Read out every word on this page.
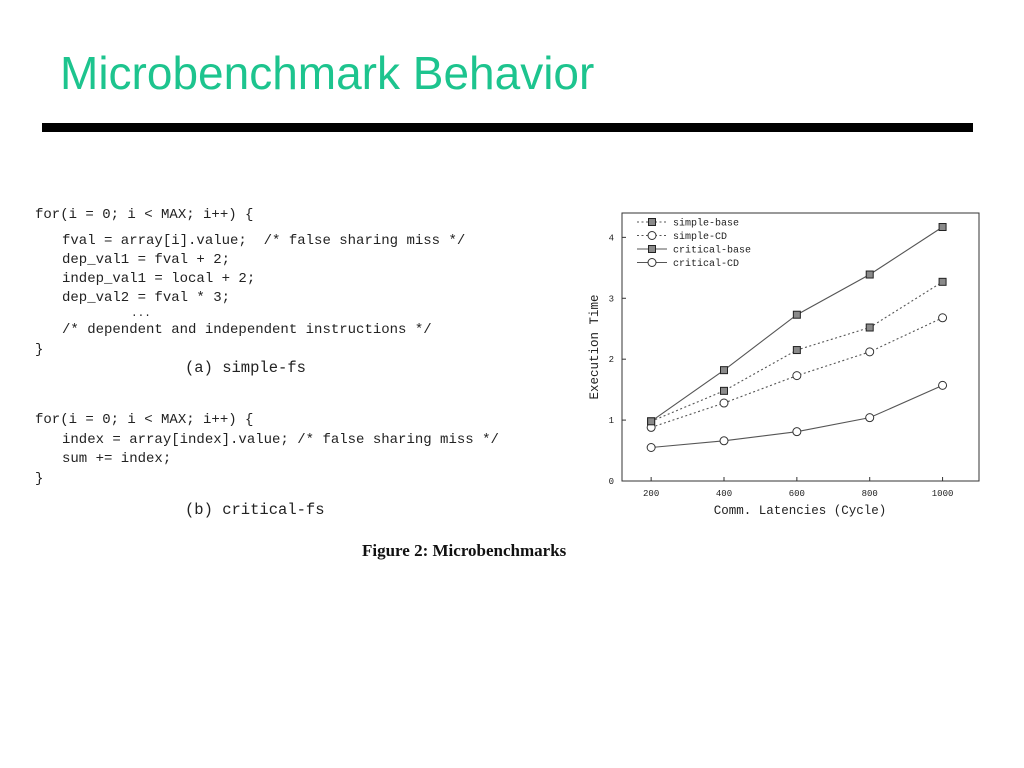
Microbenchmark Behavior
for(i = 0; i < MAX; i++) {
fval = array[i].value;  /* false sharing miss */
dep_val1 = fval + 2;
indep_val1 = local + 2;
dep_val2 = fval * 3;
...
/* dependent and independent instructions */
}
(a) simple-fs
for(i = 0; i < MAX; i++) {
index = array[index].value; /* false sharing miss */
sum += index;
}
(b) critical-fs
200	400	600	800	1000
0
1
2
3
4
simple-base
simple-CD
critical-base
critical-CD
Comm. Latencies (Cycle)
Execution Time
Figure 2: Microbenchmarks
